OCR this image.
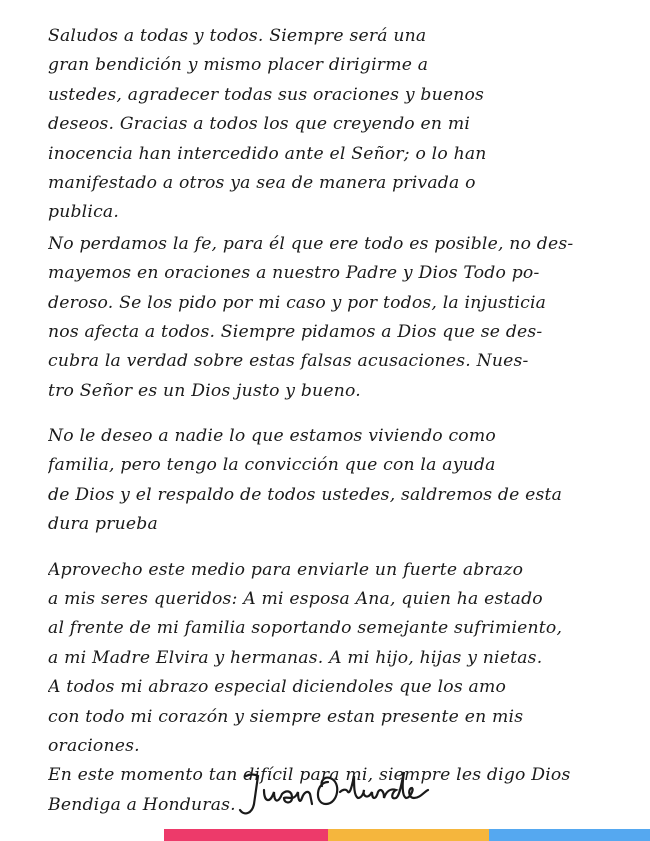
Saludos a todas y todos. Siempre será una
gran bendición y mismo placer dirigirme a
ustedes, agradecer todas sus oraciones y buenos
deseos. Gracias a todos los que creyendo en mi
inocencia han intercedido ante el Señor; o lo han
manifestado a otros ya sea de manera privada o
publica.
No perdamos la fe, para él que ere todo es posible, no des-
mayemos en oraciones a nuestro Padre y Dios Todo po-
deroso. Se los pido por mi caso y por todos, la injusticia
nos afecta a todos. Siempre pidamos a Dios que se des-
cubra la verdad sobre estas falsas acusaciones. Nues-
tro Señor es un Dios justo y bueno.
No le deseo a nadie lo que estamos viviendo como
familia, pero tengo la convicción que con la ayuda
de Dios y el respaldo de todos ustedes, saldremos de esta
dura prueba
Aprovecho este medio para enviarle un fuerte abrazo
a mis seres queridos: A mi esposa Ana, quien ha estado
al frente de mi familia soportando semejante sufrimiento,
a mi Madre Elvira y hermanas. A mi hijo, hijas y nietas.
A todos mi abrazo especial diciendoles que los amo
con todo mi corazón y siempre estan presente en mis
oraciones.
En este momento tan difícil para mi, siempre les digo Dios
Bendiga a Honduras.
